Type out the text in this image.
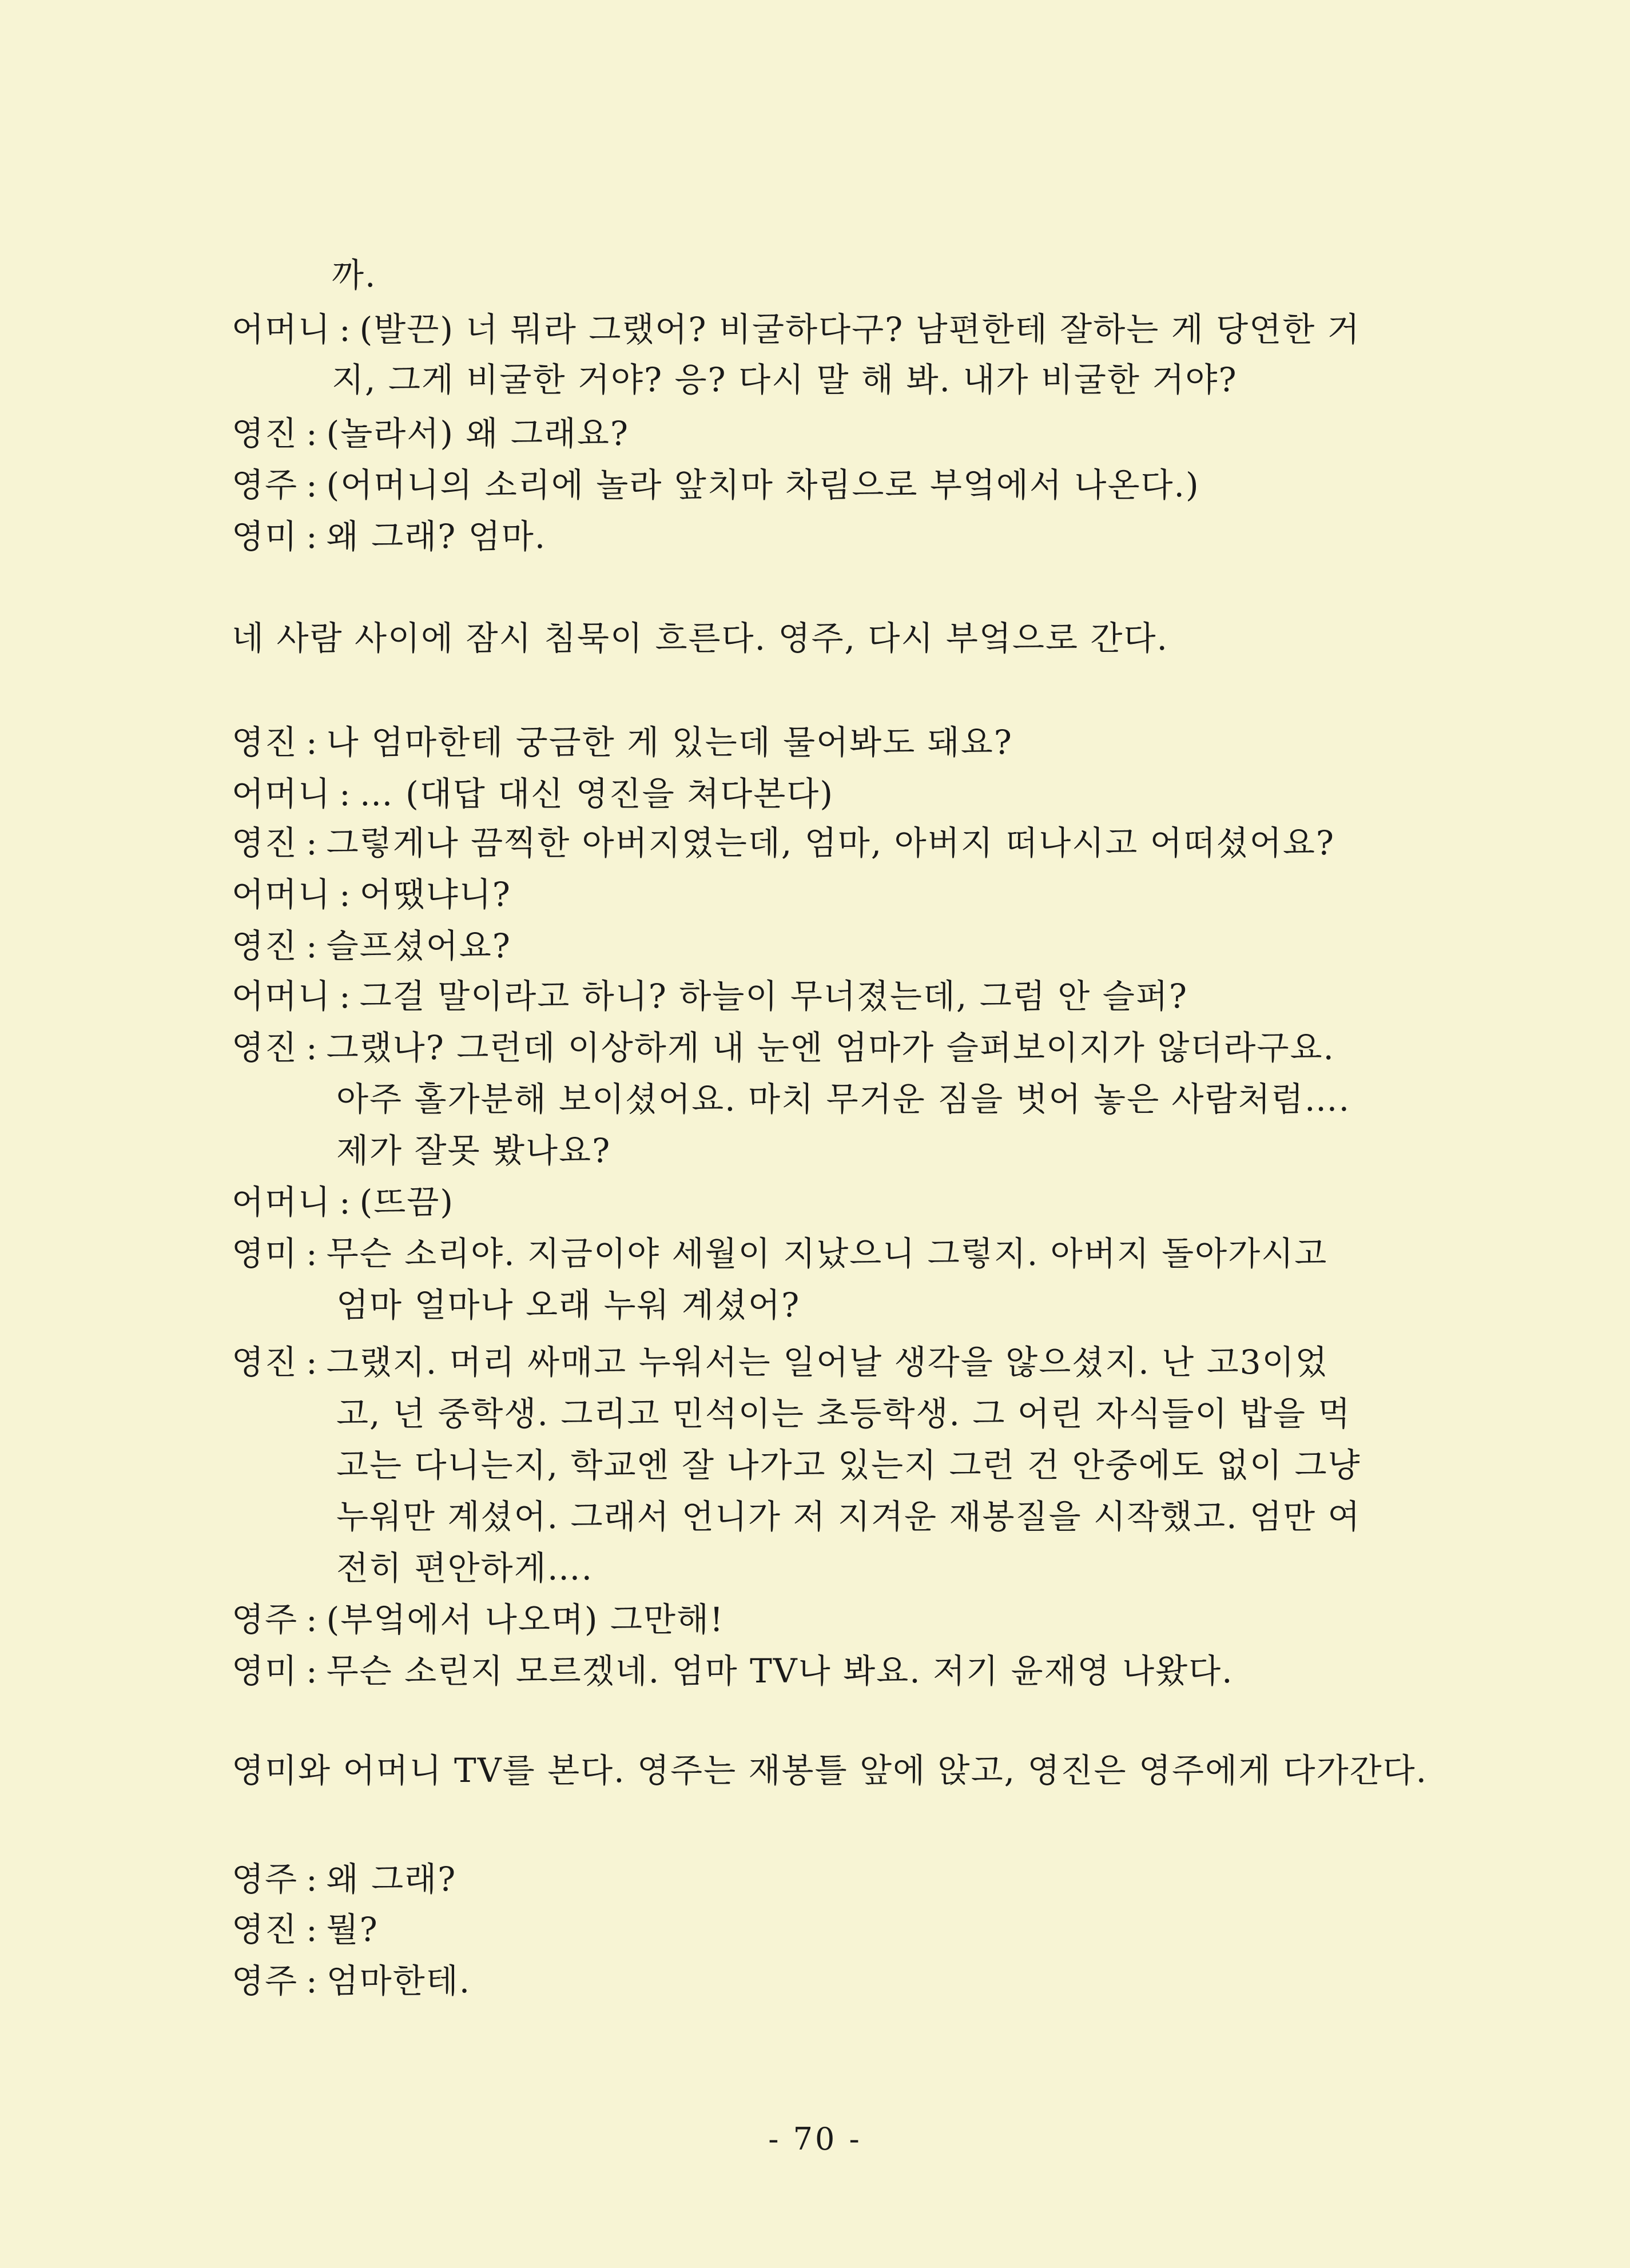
까.
어머니 : (발끈) 너 뭐라 그랬어? 비굴하다구? 남편한테 잘하는 게 당연한 거
지, 그게 비굴한 거야? 응? 다시 말 해 봐. 내가 비굴한 거야?
영진 : (놀라서) 왜 그래요?
영주 : (어머니의 소리에 놀라 앞치마 차림으로 부엌에서 나온다.)
영미 : 왜 그래? 엄마.
네 사람 사이에 잠시 침묵이 흐른다. 영주, 다시 부엌으로 간다.
영진 : 나 엄마한테 궁금한 게 있는데 물어봐도 돼요?
어머니 : … (대답 대신 영진을 쳐다본다)
영진 : 그렇게나 끔찍한 아버지였는데, 엄마, 아버지 떠나시고 어떠셨어요?
어머니 : 어땠냐니?
영진 : 슬프셨어요?
어머니 : 그걸 말이라고 하니? 하늘이 무너졌는데, 그럼 안 슬퍼?
영진 : 그랬나? 그런데 이상하게 내 눈엔 엄마가 슬퍼보이지가 않더라구요.
아주 홀가분해 보이셨어요. 마치 무거운 짐을 벗어 놓은 사람처럼….
제가 잘못 봤나요?
어머니 : (뜨끔)
영미 : 무슨 소리야. 지금이야 세월이 지났으니 그렇지. 아버지 돌아가시고
엄마 얼마나 오래 누워 계셨어?
영진 : 그랬지. 머리 싸매고 누워서는 일어날 생각을 않으셨지. 난 고3이었
고, 넌 중학생. 그리고 민석이는 초등학생. 그 어린 자식들이 밥을 먹
고는 다니는지, 학교엔 잘 나가고 있는지 그런 건 안중에도 없이 그냥
누워만 계셨어. 그래서 언니가 저 지겨운 재봉질을 시작했고. 엄만 여
전히 편안하게….
영주 : (부엌에서 나오며) 그만해!
영미 : 무슨 소린지 모르겠네. 엄마 TV나 봐요. 저기 윤재영 나왔다.
영미와 어머니 TV를 본다. 영주는 재봉틀 앞에 앉고, 영진은 영주에게 다가간다.
영주 : 왜 그래?
영진 : 뭘?
영주 : 엄마한테.
- 70 -
